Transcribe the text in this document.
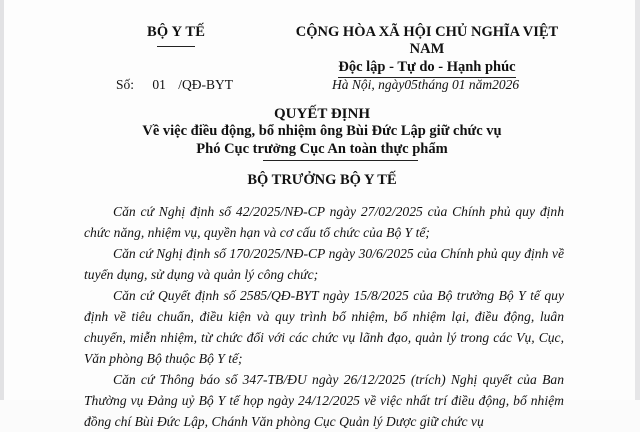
BỘ Y TẾ	CỘNG HÒA XÃ HỘI CHỦ NGHĨA VIỆT NAM
Độc lập - Tự do - Hạnh phúc
Số: 01 /QĐ-BYT	Hà Nội, ngày05tháng 01 năm2026
QUYẾT ĐỊNH
Về việc điều động, bổ nhiệm ông Bùi Đức Lập giữ chức vụ
Phó Cục trưởng Cục An toàn thực phẩm
BỘ TRƯỞNG BỘ Y TẾ

Căn cứ Nghị định số 42/2025/NĐ-CP ngày 27/02/2025 của Chính phủ quy định chức năng, nhiệm vụ, quyền hạn và cơ cấu tổ chức của Bộ Y tế;

Căn cứ Nghị định số 170/2025/NĐ-CP ngày 30/6/2025 của Chính phủ quy định về tuyển dụng, sử dụng và quản lý công chức;

Căn cứ Quyết định số 2585/QĐ-BYT ngày 15/8/2025 của Bộ trưởng Bộ Y tế quy định về tiêu chuẩn, điều kiện và quy trình bổ nhiệm, bổ nhiệm lại, điều động, luân chuyển, miễn nhiệm, từ chức đối với các chức vụ lãnh đạo, quản lý trong các Vụ, Cục, Văn phòng Bộ thuộc Bộ Y tế;

Căn cứ Thông báo số 347-TB/ĐU ngày 26/12/2025 (trích) Nghị quyết của Ban Thường vụ Đảng uỷ Bộ Y tế họp ngày 24/12/2025 về việc nhất trí điều động, bổ nhiệm đồng chí Bùi Đức Lập, Chánh Văn phòng Cục Quản lý Dược giữ chức vụ
